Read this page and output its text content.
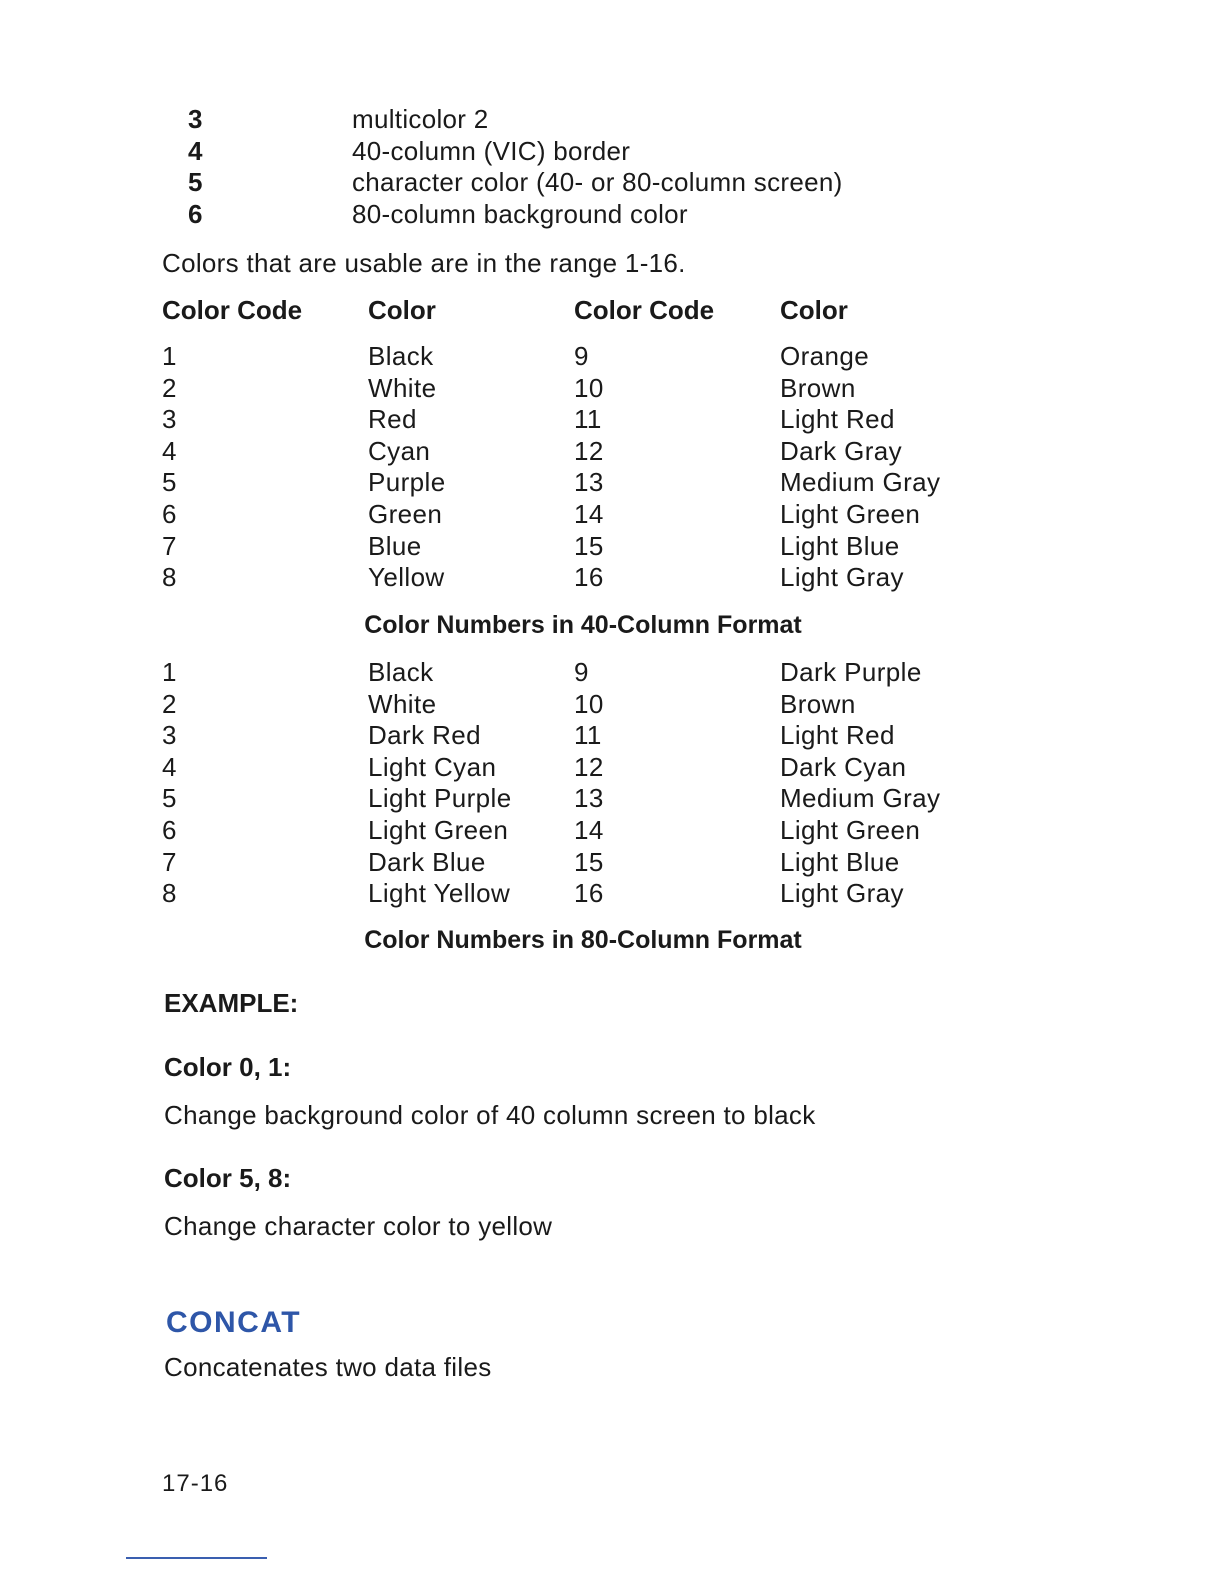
3	multicolor 2
4	40-column (VIC) border
5	character color (40- or 80-column screen)
6	80-column background color
Colors that are usable are in the range 1-16.
Color Code	Color	Color Code	Color
1	Black	9	Orange
2	White	10	Brown
3	Red	11	Light Red
4	Cyan	12	Dark Gray
5	Purple	13	Medium Gray
6	Green	14	Light Green
7	Blue	15	Light Blue
8	Yellow	16	Light Gray
Color Numbers in 40-Column Format
1	Black	9	Dark Purple
2	White	10	Brown
3	Dark Red	11	Light Red
4	Light Cyan	12	Dark Cyan
5	Light Purple 13	Medium Gray
6	Light Green	14	Light Green
7	Dark Blue	15	Light Blue
8	Light Yellow 16	Light Gray
Color Numbers in 80-Column Format
EXAMPLE:
Color 0, 1:
Change background color of 40 column screen to black
Color 5, 8:
Change character color to yellow
CONCAT
Concatenates two data files
17-16
